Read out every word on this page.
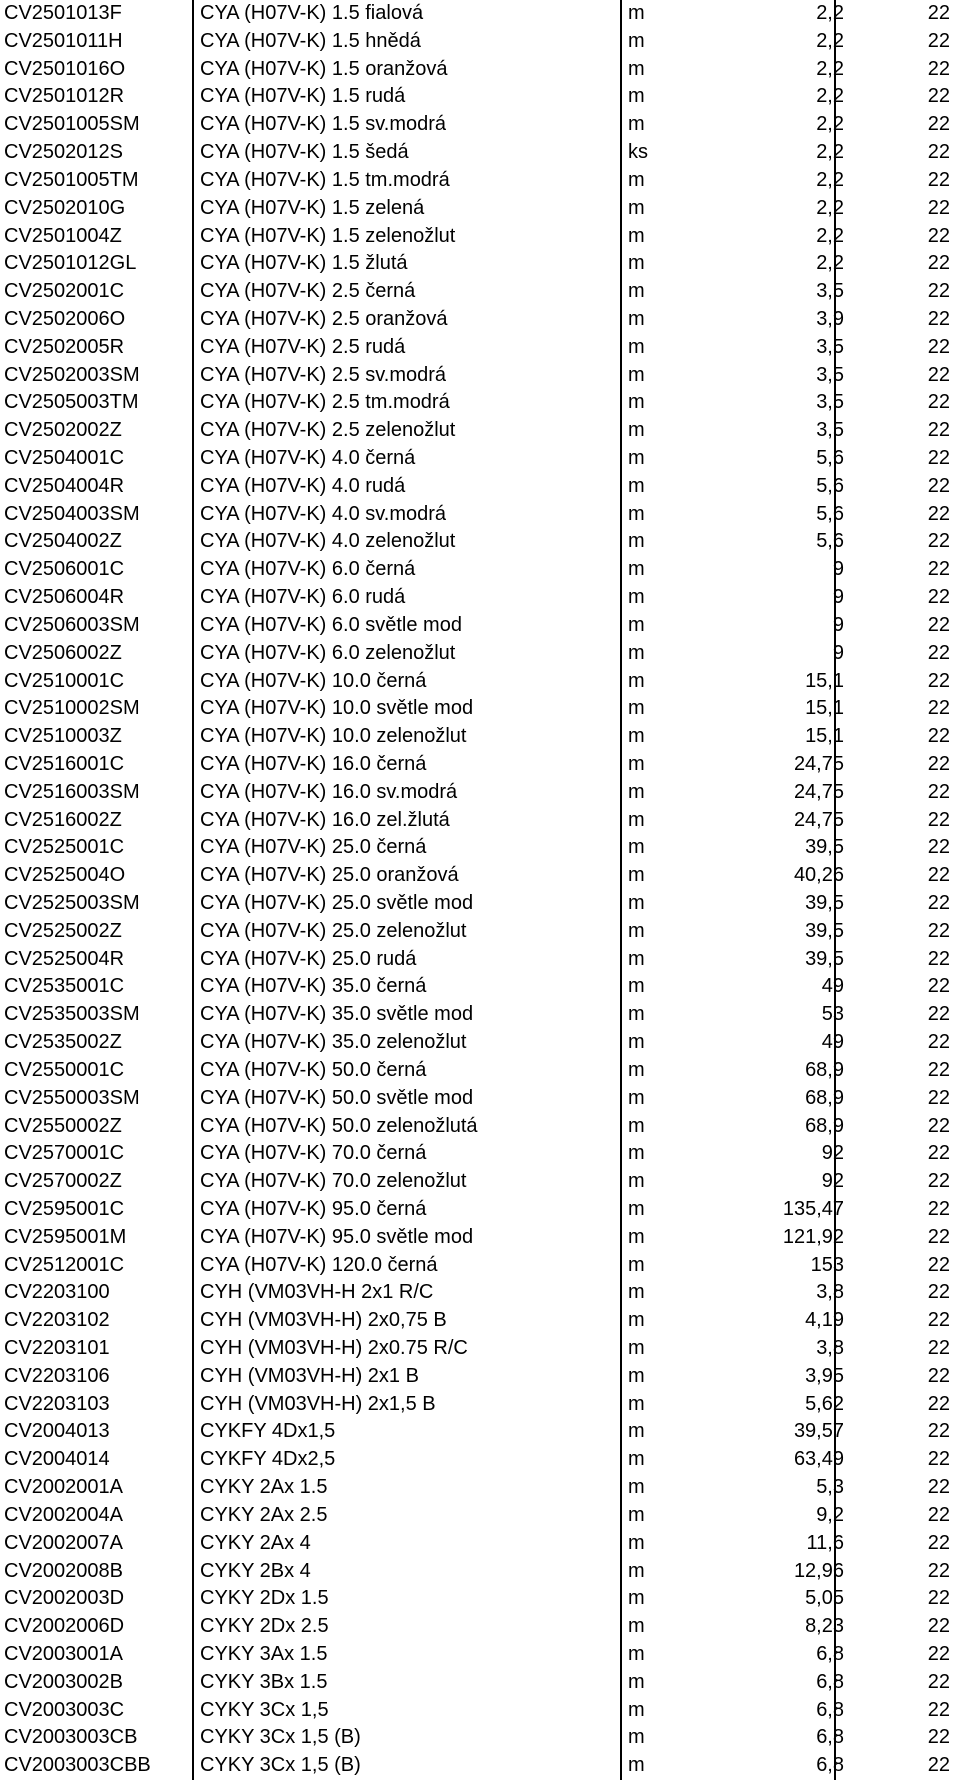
CV2501013F	CYA (H07V-K) 1.5 fialová	m	2,2	22
CV2501011H	CYA (H07V-K) 1.5 hnědá	m	2,2	22
CV2501016O	CYA (H07V-K) 1.5 oranžová	m	2,2	22
CV2501012R	CYA (H07V-K) 1.5 rudá	m	2,2	22
CV2501005SM	CYA (H07V-K) 1.5 sv.modrá	m	2,2	22
CV2502012S	CYA (H07V-K) 1.5 šedá	ks	2,2	22
CV2501005TM	CYA (H07V-K) 1.5 tm.modrá	m	2,2	22
CV2502010G	CYA (H07V-K) 1.5 zelená	m	2,2	22
CV2501004Z	CYA (H07V-K) 1.5 zelenožlut	m	2,2	22
CV2501012GL	CYA (H07V-K) 1.5 žlutá	m	2,2	22
CV2502001C	CYA (H07V-K) 2.5 černá	m	3,5	22
CV2502006O	CYA (H07V-K) 2.5 oranžová	m	3,9	22
CV2502005R	CYA (H07V-K) 2.5 rudá	m	3,5	22
CV2502003SM	CYA (H07V-K) 2.5 sv.modrá	m	3,5	22
CV2505003TM	CYA (H07V-K) 2.5 tm.modrá	m	3,5	22
CV2502002Z	CYA (H07V-K) 2.5 zelenožlut	m	3,5	22
CV2504001C	CYA (H07V-K) 4.0 černá	m	5,6	22
CV2504004R	CYA (H07V-K) 4.0 rudá	m	5,6	22
CV2504003SM	CYA (H07V-K) 4.0 sv.modrá	m	5,6	22
CV2504002Z	CYA (H07V-K) 4.0 zelenožlut	m	5,6	22
CV2506001C	CYA (H07V-K) 6.0 černá	m	9	22
CV2506004R	CYA (H07V-K) 6.0 rudá	m	9	22
CV2506003SM	CYA (H07V-K) 6.0 světle mod	m	9	22
CV2506002Z	CYA (H07V-K) 6.0 zelenožlut	m	9	22
CV2510001C	CYA (H07V-K) 10.0 černá	m	15,1	22
CV2510002SM	CYA (H07V-K) 10.0 světle mod	m	15,1	22
CV2510003Z	CYA (H07V-K) 10.0 zelenožlut	m	15,1	22
CV2516001C	CYA (H07V-K) 16.0 černá	m	24,75	22
CV2516003SM	CYA (H07V-K) 16.0 sv.modrá	m	24,75	22
CV2516002Z	CYA (H07V-K) 16.0 zel.žlutá	m	24,75	22
CV2525001C	CYA (H07V-K) 25.0 černá	m	39,5	22
CV2525004O	CYA (H07V-K) 25.0 oranžová	m	40,26	22
CV2525003SM	CYA (H07V-K) 25.0 světle mod	m	39,5	22
CV2525002Z	CYA (H07V-K) 25.0 zelenožlut	m	39,5	22
CV2525004R	CYA (H07V-K) 25.0 rudá	m	39,5	22
CV2535001C	CYA (H07V-K) 35.0 černá	m	49	22
CV2535003SM	CYA (H07V-K) 35.0 světle mod	m	53	22
CV2535002Z	CYA (H07V-K) 35.0 zelenožlut	m	49	22
CV2550001C	CYA (H07V-K) 50.0 černá	m	68,9	22
CV2550003SM	CYA (H07V-K) 50.0 světle mod	m	68,9	22
CV2550002Z	CYA (H07V-K) 50.0 zelenožlutá	m	68,9	22
CV2570001C	CYA (H07V-K) 70.0 černá	m	92	22
CV2570002Z	CYA (H07V-K) 70.0 zelenožlut	m	92	22
CV2595001C	CYA (H07V-K) 95.0 černá	m	135,47	22
CV2595001M	CYA (H07V-K) 95.0 světle mod	m	121,92	22
CV2512001C	CYA (H07V-K) 120.0 černá	m	153	22
CV2203100	CYH (VM03VH-H 2x1 R/C	m	3,8	22
CV2203102	CYH (VM03VH-H) 2x0,75 B	m	4,19	22
CV2203101	CYH (VM03VH-H) 2x0.75 R/C	m	3,8	22
CV2203106	CYH (VM03VH-H) 2x1 B	m	3,95	22
CV2203103	CYH (VM03VH-H) 2x1,5 B	m	5,62	22
CV2004013	CYKFY 4Dx1,5	m	39,57	22
CV2004014	CYKFY 4Dx2,5	m	63,49	22
CV2002001A	CYKY 2Ax 1.5	m	5,3	22
CV2002004A	CYKY 2Ax 2.5	m	9,2	22
CV2002007A	CYKY 2Ax 4	m	11,6	22
CV2002008B	CYKY 2Bx 4	m	12,96	22
CV2002003D	CYKY 2Dx 1.5	m	5,05	22
CV2002006D	CYKY 2Dx 2.5	m	8,23	22
CV2003001A	CYKY 3Ax 1.5	m	6,8	22
CV2003002B	CYKY 3Bx 1.5	m	6,8	22
CV2003003C	CYKY 3Cx 1,5	m	6,8	22
CV2003003CB	CYKY 3Cx 1,5 (B)	m	6,8	22
CV2003003CBB CYKY 3Cx 1,5 (B)	m	6,8	22
